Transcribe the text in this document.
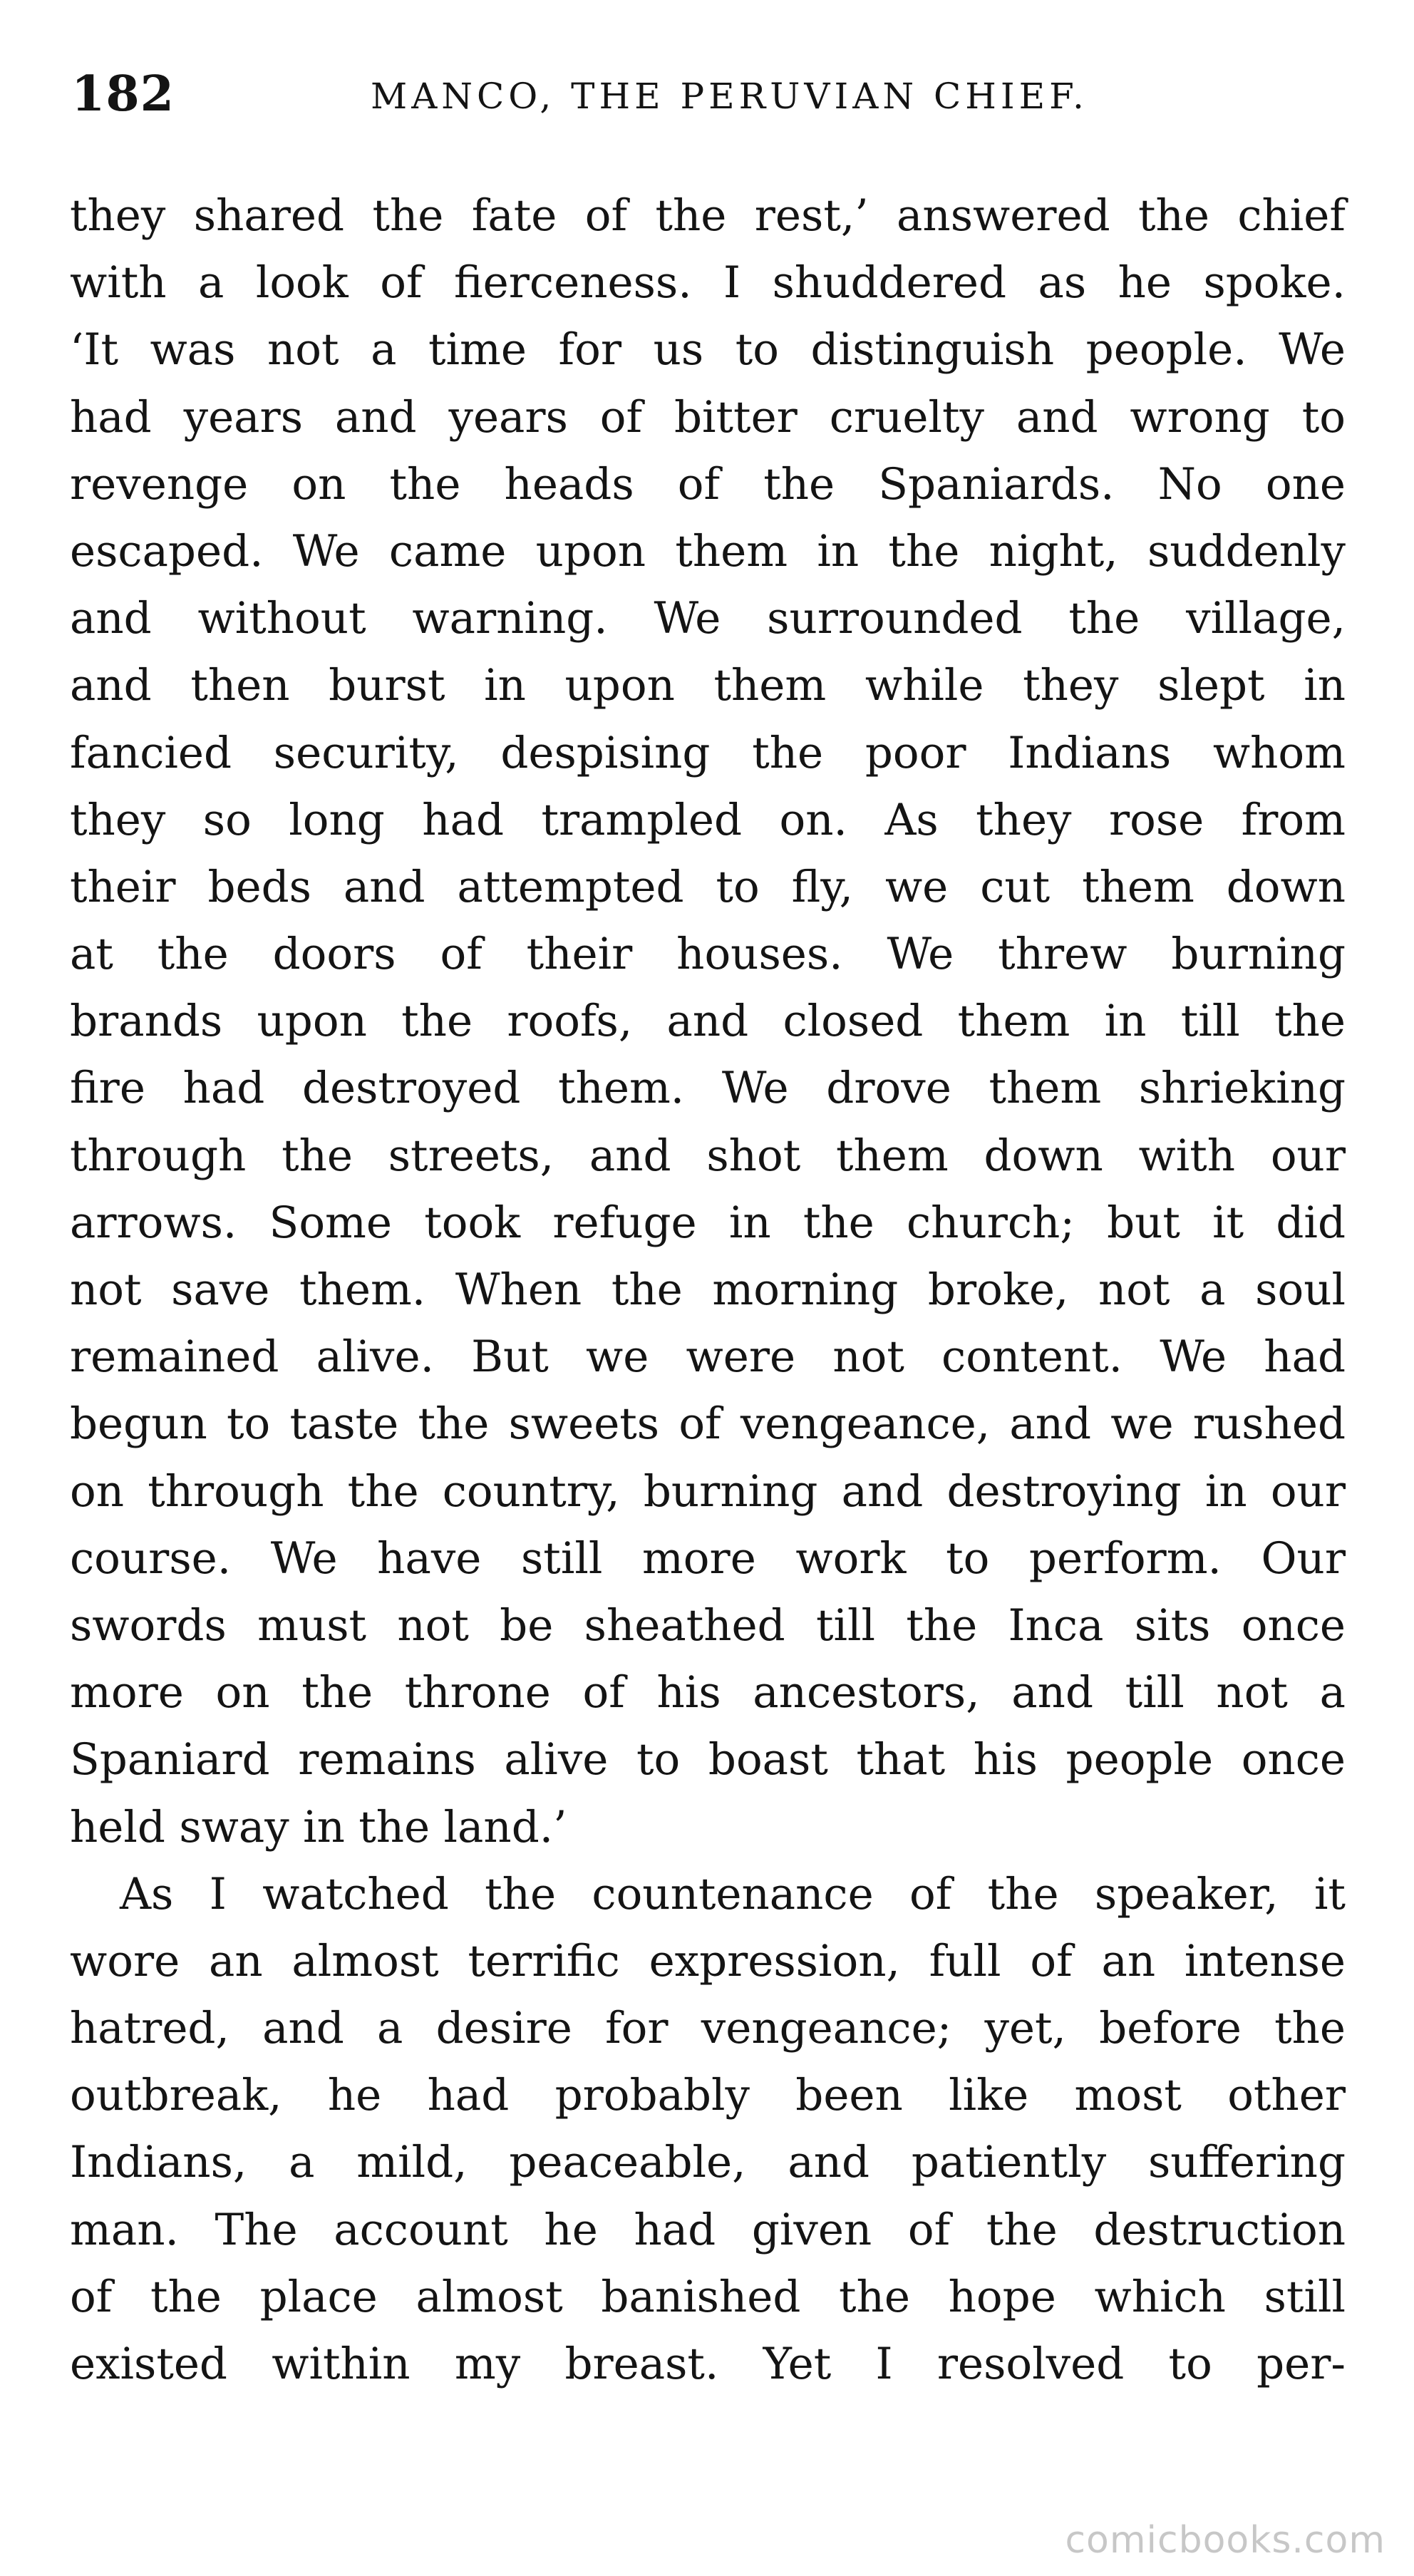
182	MANCO, THE PERUVIAN CHIEF.
they shared the fate of the rest,’ answered the chief
with a look of fierceness. I shuddered as he spoke.
‘It was not a time for us to distinguish people. We
had years and years of bitter cruelty and wrong to
revenge on the heads of the Spaniards. No one
escaped. We came upon them in the night, suddenly
and without warning. We surrounded the village,
and then burst in upon them while they slept in
fancied security, despising the poor Indians whom
they so long had trampled on. As they rose from
their beds and attempted to fly, we cut them down
at the doors of their houses. We threw burning
brands upon the roofs, and closed them in till the
fire had destroyed them. We drove them shrieking
through the streets, and shot them down with our
arrows. Some took refuge in the church; but it did
not save them. When the morning broke, not a soul
remained alive. But we were not content. We had
begun to taste the sweets of vengeance, and we rushed
on through the country, burning and destroying in our
course. We have still more work to perform. Our
swords must not be sheathed till the Inca sits once
more on the throne of his ancestors, and till not a
Spaniard remains alive to boast that his people once
held sway in the land.’
As I watched the countenance of the speaker, it
wore an almost terrific expression, full of an intense
hatred, and a desire for vengeance; yet, before the
outbreak, he had probably been like most other
Indians, a mild, peaceable, and patiently suffering
man. The account he had given of the destruction
of the place almost banished the hope which still
existed within my breast. Yet I resolved to per-
comicbooks.com
